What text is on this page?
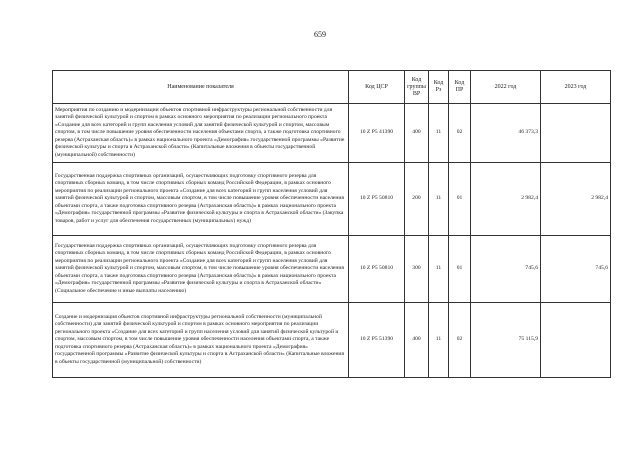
659
Наименование показателя	Код ЦСР	Код группы ВР	Код Рз	Код ПР	2022 год	2023 год
Мероприятия по созданию и модернизации объектов спортивной инфраструктуры региональной собственности для занятий физической культурой и спортом в рамках основного мероприятия по реализации регионального проекта «Создание для всех категорий и групп населения условий для занятий физической культурой и спортом, массовым спортом, в том числе повышение уровня обеспеченности населения объектами спорта, а также подготовка спортивного резерва (Астраханская область)» в рамках национального проекта «Демография» государственной программы «Развитие физической культуры и спорта в Астраханской области» (Капитальные вложения в объекты государственной (муниципальной) собственности)	10 Z P5 41390	400	11	02	46 373,3	
Государственная поддержка спортивных организаций, осуществляющих подготовку спортивного резерва для спортивных сборных команд, в том числе спортивных сборных команд Российской Федерации, в рамках основного мероприятия по реализации регионального проекта «Создание для всех категорий и групп населения условий для занятий физической культурой и спортом, массовым спортом, в том числе повышение уровня обеспеченности населения объектами спорта, а также подготовка спортивного резерва (Астраханская область)» в рамках национального проекта «Демография» государственной программы «Развитие физической культуры и спорта в Астраханской области» (Закупка товаров, работ и услуг для обеспечения государственных (муниципальных) нужд)	10 Z P5 50810	200	11	01	2 982,4	2 982,4
Государственная поддержка спортивных организаций, осуществляющих подготовку спортивного резерва для спортивных сборных команд, в том числе спортивных сборных команд Российской Федерации, в рамках основного мероприятия по реализации регионального проекта «Создание для всех категорий и групп населения условий для занятий физической культурой и спортом, массовым спортом, в том числе повышение уровня обеспеченности населения объектами спорта, а также подготовка спортивного резерва (Астраханская область)» в рамках национального проекта «Демография» государственной программы «Развитие физической культуры и спорта в Астраханской области» (Социальное обеспечение и иные выплаты населению)	10 Z P5 50810	300	11	01	745,6	745,6
Создание и модернизация объектов спортивной инфраструктуры региональной собственности (муниципальной собственности) для занятий физической культурой и спортом в рамках основного мероприятия по реализации регионального проекта «Создание для всех категорий и групп населения условий для занятий физической культурой и спортом, массовым спортом, в том числе повышение уровня обеспеченности населения объектами спорта, а также подготовка спортивного резерва (Астраханская область)» в рамках национального проекта «Демография» государственной программы «Развитие физической культуры и спорта в Астраханской области» (Капитальные вложения в объекты государственной (муниципальной) собственности)	10 Z P5 51390	400	11	02	75 115,9	
